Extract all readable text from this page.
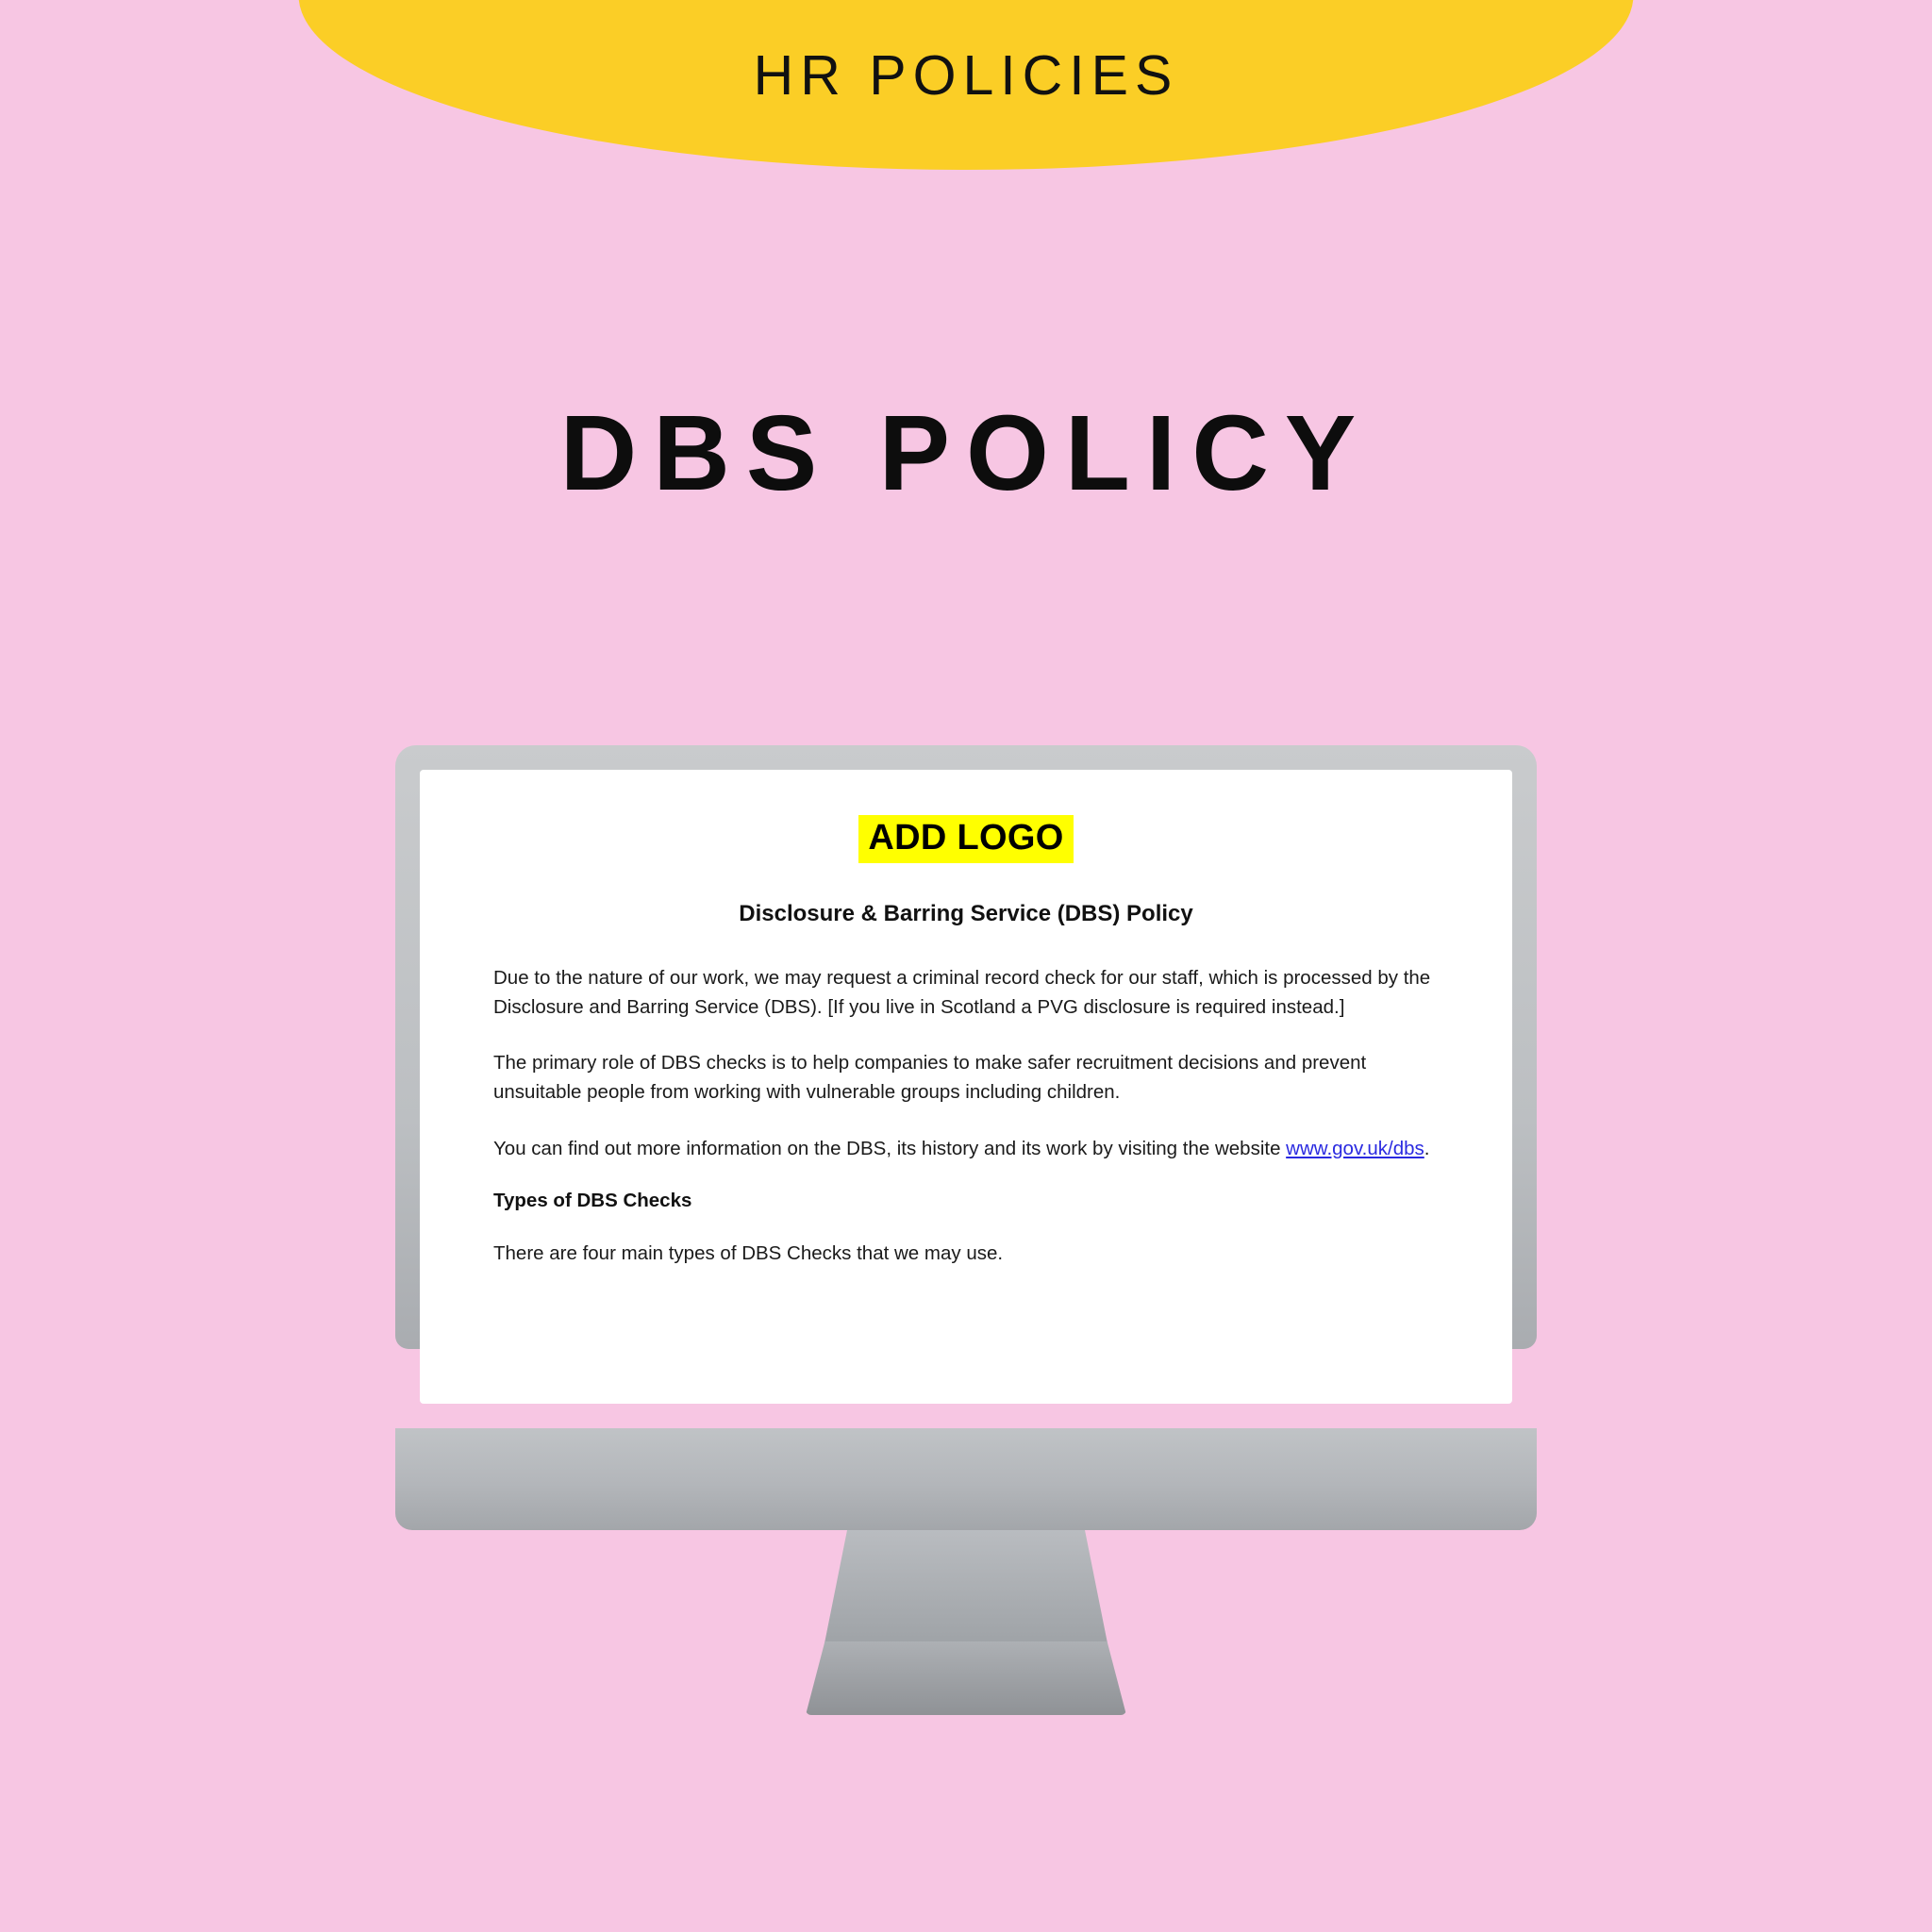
HR POLICIES
DBS POLICY
ADD LOGO
Disclosure & Barring Service (DBS) Policy

Due to the nature of our work, we may request a criminal record check for our staff, which is processed by the Disclosure and Barring Service (DBS). [If you live in Scotland a PVG disclosure is required instead.]

The primary role of DBS checks is to help companies to make safer recruitment decisions and prevent unsuitable people from working with vulnerable groups including children.

You can find out more information on the DBS, its history and its work by visiting the website www.gov.uk/dbs.

Types of DBS Checks

There are four main types of DBS Checks that we may use.
